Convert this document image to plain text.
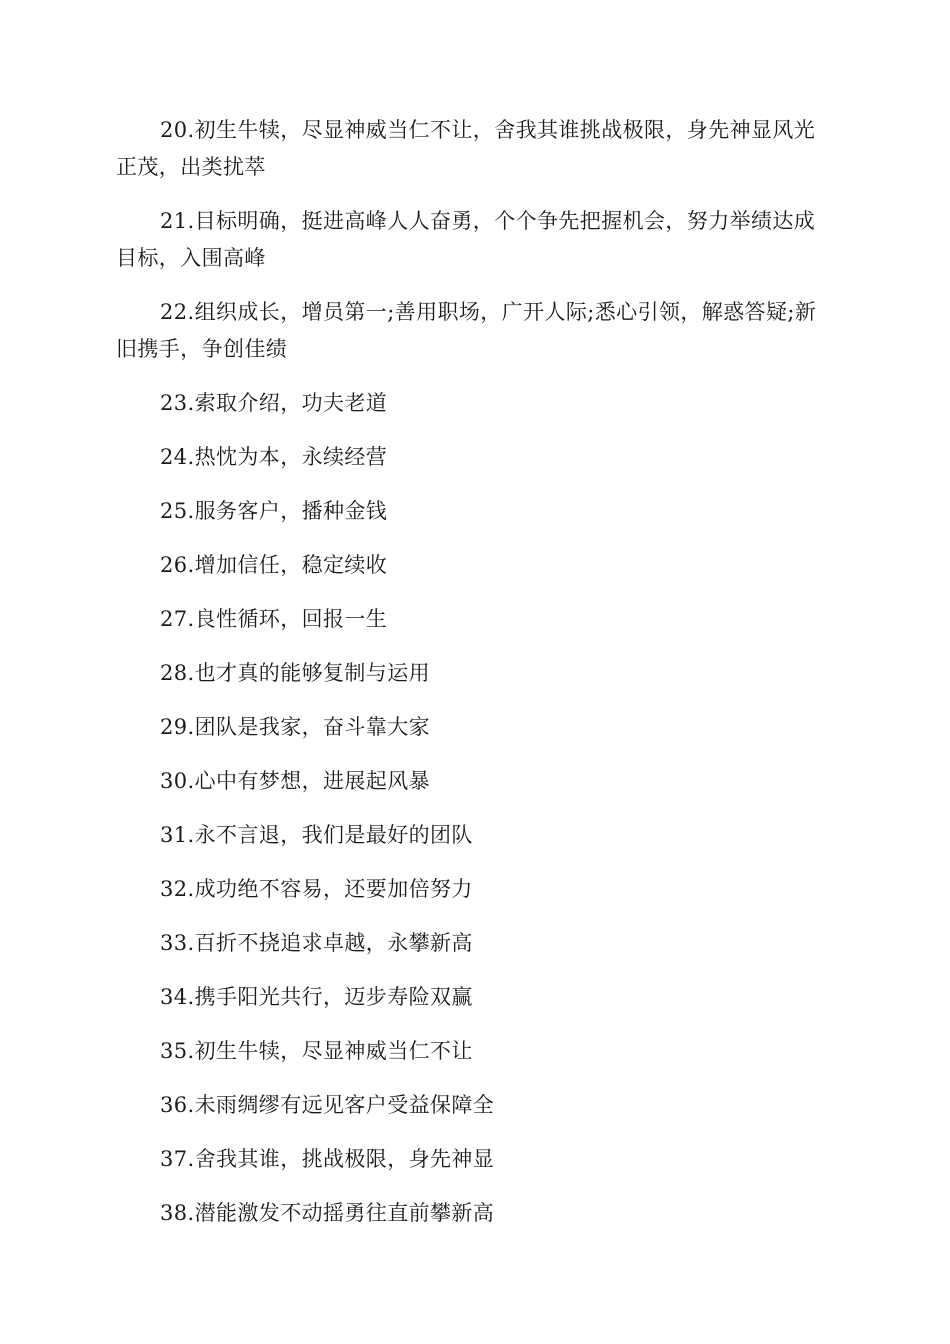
20.初生牛犊，尽显神威当仁不让，舍我其谁挑战极限，身先神显风光正茂，出类扰萃

21.目标明确，挺进高峰人人奋勇，个个争先把握机会，努力举绩达成目标，入围高峰

22.组织成长，增员第一;善用职场，广开人际;悉心引领，解惑答疑;新旧携手，争创佳绩

23.索取介绍，功夫老道

24.热忱为本，永续经营

25.服务客户，播种金钱

26.增加信任，稳定续收

27.良性循环，回报一生

28.也才真的能够复制与运用

29.团队是我家，奋斗靠大家

30.心中有梦想，进展起风暴

31.永不言退，我们是最好的团队

32.成功绝不容易，还要加倍努力

33.百折不挠追求卓越，永攀新高

34.携手阳光共行，迈步寿险双赢

35.初生牛犊，尽显神威当仁不让

36.未雨绸缪有远见客户受益保障全

37.舍我其谁，挑战极限，身先神显

38.潜能激发不动摇勇往直前攀新高
